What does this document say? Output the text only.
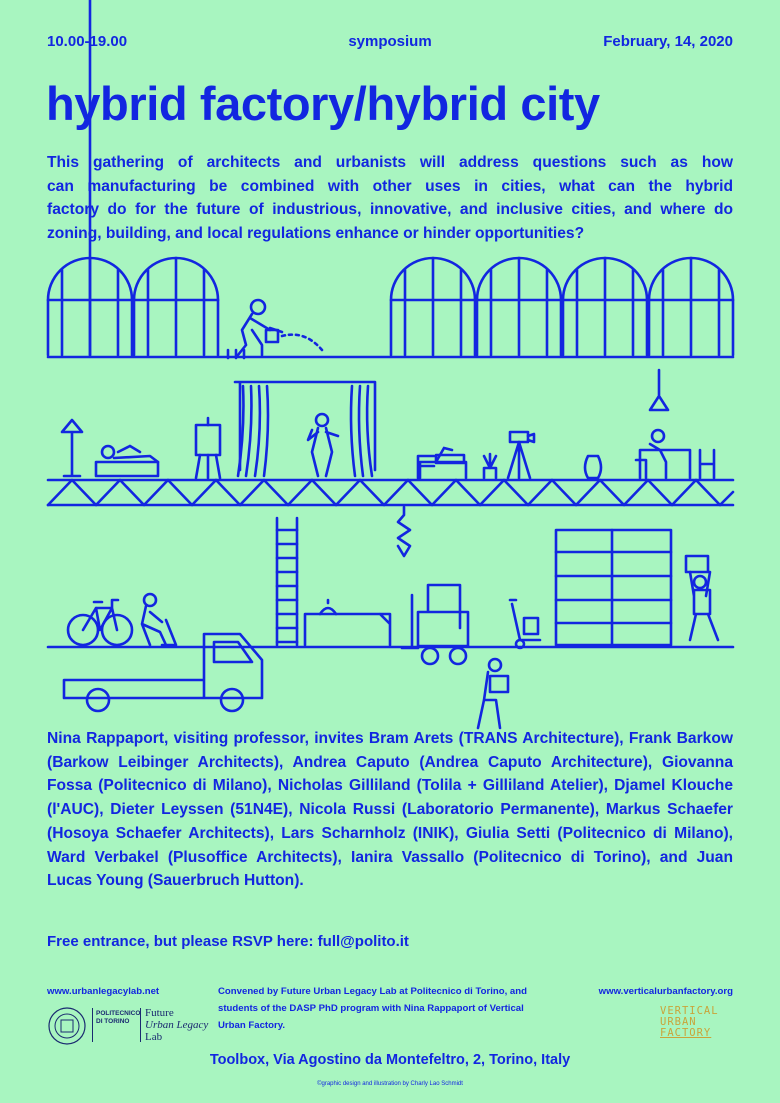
10.00-19.00	symposium	February, 14, 2020
hybrid factory/hybrid city
This gathering of architects and urbanists will address questions such as how
can manufacturing be combined with other uses in cities, what can the hybrid
factory do for the future of industrious, innovative, and inclusive cities, and where do
zoning, building, and local regulations enhance or hinder opportunities?
Nina Rappaport, visiting professor, invites Bram Arets (TRANS Architecture), Frank Barkow (Barkow Leibinger Architects), Andrea Caputo (Andrea Caputo Architecture), Giovanna Fossa (Politecnico di Milano), Nicholas Gilliland (Tolila + Gilliland Atelier), Djamel Klouche (l'AUC), Dieter Leyssen (51N4E), Nicola Russi (Laboratorio Permanente), Markus Schaefer (Hosoya Schaefer Architects), Lars Scharnholz (INIK), Giulia Setti (Politecnico di Milano), Ward Verbakel (Plusoffice Architects), Ianira Vassallo (Politecnico di Torino), and Juan Lucas Young (Sauerbruch Hutton).
Free entrance, but please RSVP here: full@polito.it
www.urbanlegacylab.net	Convened by Future Urban Legacy Lab at Politecnico di Torino, and
students of the DASP PhD program with Nina Rappaport of Vertical
Urban Factory.
www.verticalurbanfactory.org
POLITECNICO
DI TORINO
Future
Urban Legacy
Lab
VERTICAL
URBAN
FACTORY
Toolbox, Via Agostino da Montefeltro, 2, Torino, Italy
©graphic design and illustration by Charly Lao Schmidt
